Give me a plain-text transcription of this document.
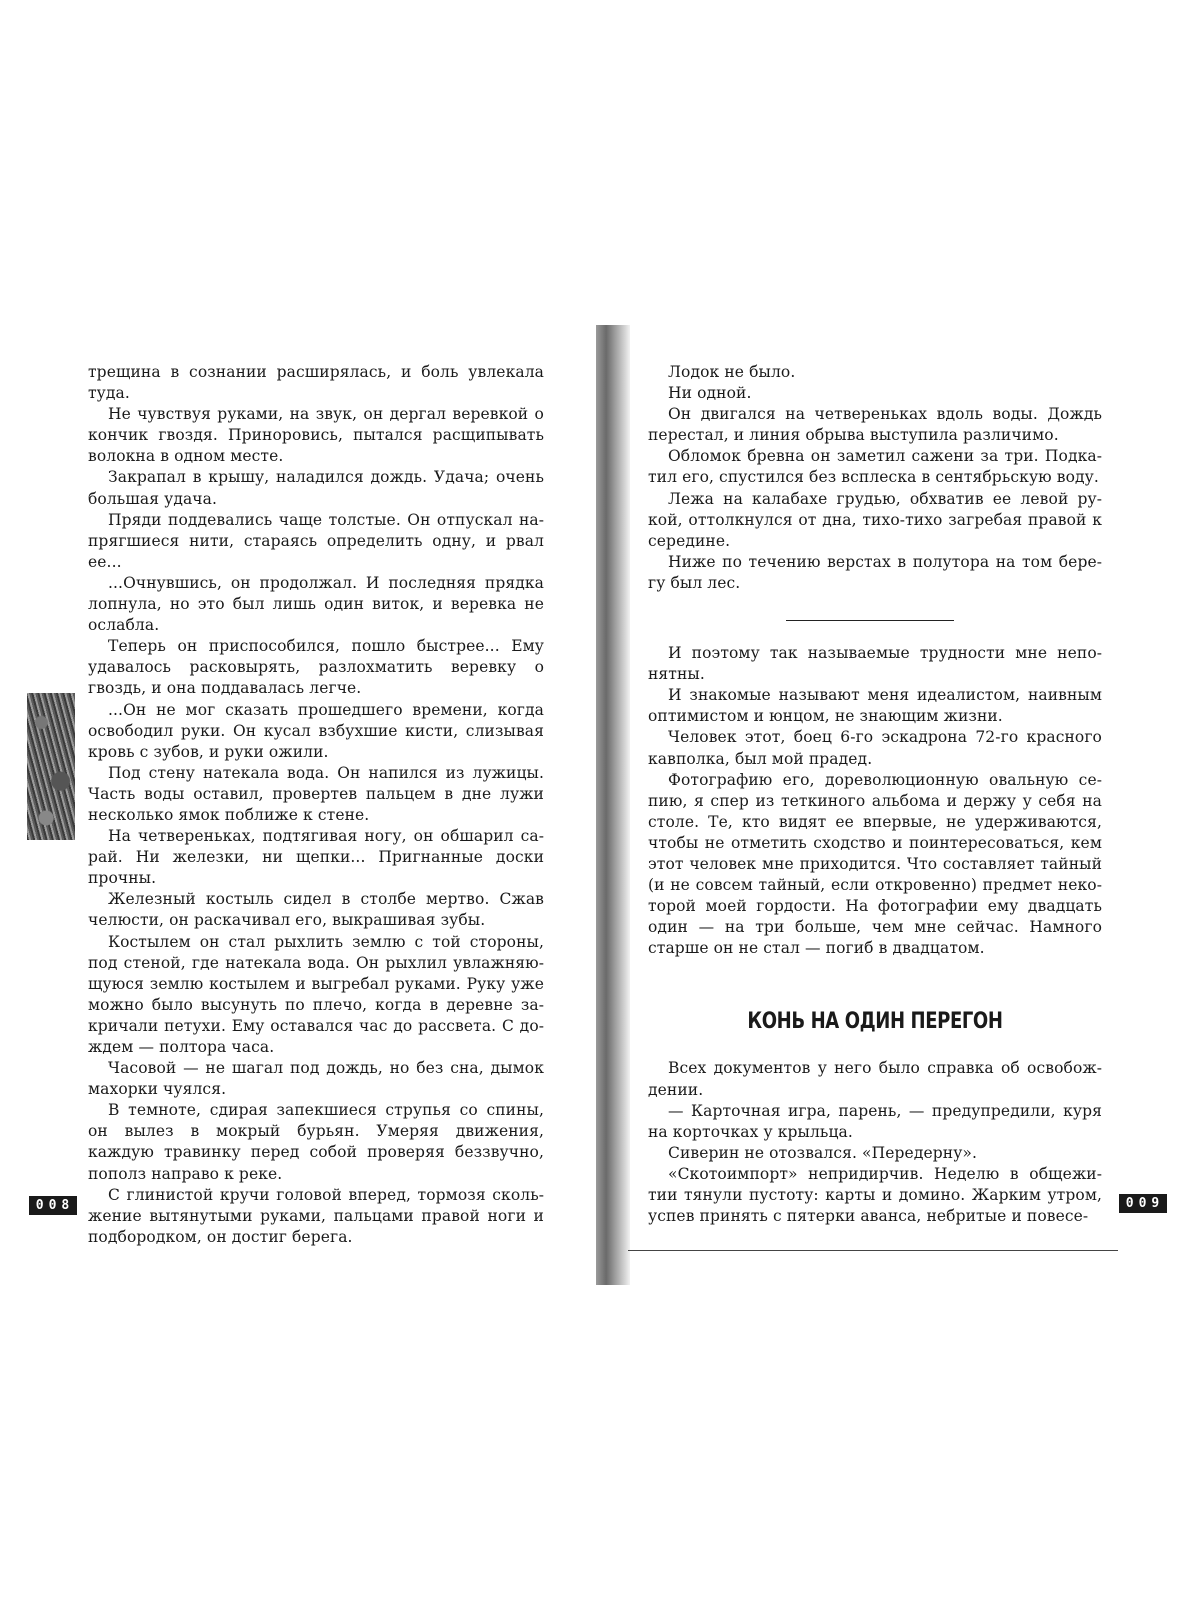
трещина в сознании расширялась, и боль увлекала туда.

Не чувствуя руками, на звук, он дергал веревкой о кончик гвоздя. Приноровись, пытался расщипывать волокна в одном месте.

Закрапал в крышу, наладился дождь. Удача; очень большая удача.

Пряди поддевались чаще толстые. Он отпускал напрягшиеся нити, стараясь определить одну, и рвал ее...

...Очнувшись, он продолжал. И последняя прядка лопнула, но это был лишь один виток, и веревка не ослабла.

Теперь он приспособился, пошло быстрее... Ему удавалось расковырять, разлохматить веревку о гвоздь, и она поддавалась легче.

...Он не мог сказать прошедшего времени, когда освободил руки. Он кусал взбухшие кисти, слизывая кровь с зубов, и руки ожили.

Под стену натекала вода. Он напился из лужицы. Часть воды оставил, провертев пальцем в дне лужи несколько ямок поближе к стене.

На четвереньках, подтягивая ногу, он обшарил сарай. Ни железки, ни щепки... Пригнанные доски прочны.

Железный костыль сидел в столбе мертво. Сжав челюсти, он раскачивал его, выкрашивая зубы.

Костылем он стал рыхлить землю с той стороны, под стеной, где натекала вода. Он рыхлил увлажняющуюся землю костылем и выгребал руками. Руку уже можно было высунуть по плечо, когда в деревне закричали петухи. Ему оставался час до рассвета. С дождем — полтора часа.

Часовой — не шагал под дождь, но без сна, дымок махорки чуялся.

В темноте, сдирая запекшиеся струпья со спины, он вылез в мокрый бурьян. Умеряя движения, каждую травинку перед собой проверяя беззвучно, пополз направо к реке.

С глинистой кручи головой вперед, тормозя скольжение вытянутыми руками, пальцами правой ноги и подбородком, он достиг берега.

008

Лодок не было.

Ни одной.

Он двигался на четвереньках вдоль воды. Дождь перестал, и линия обрыва выступила различимо.

Обломок бревна он заметил сажени за три. Подкатил его, спустился без всплеска в сентябрьскую воду.

Лежа на калабахе грудью, обхватив ее левой рукой, оттолкнулся от дна, тихо-тихо загребая правой к середине.

Ниже по течению верстах в полутора на том берегу был лес.

И поэтому так называемые трудности мне непонятны.

И знакомые называют меня идеалистом, наивным оптимистом и юнцом, не знающим жизни.

Человек этот, боец 6-го эскадрона 72-го красного кавполка, был мой прадед.

Фотографию его, дореволюционную овальную сепию, я спер из теткиного альбома и держу у себя на столе. Те, кто видят ее впервые, не удерживаются, чтобы не отметить сходство и поинтересоваться, кем этот человек мне приходится. Что составляет тайный (и не совсем тайный, если откровенно) предмет некоторой моей гордости. На фотографии ему двадцать один — на три больше, чем мне сейчас. Намного старше он не стал — погиб в двадцатом.

КОНЬ НА ОДИН ПЕРЕГОН

Всех документов у него было справка об освобождении.

— Карточная игра, парень, — предупредили, куря на корточках у крыльца.

Сиверин не отозвался. «Передерну».

«Скотоимпорт» непридирчив. Неделю в общежитии тянули пустоту: карты и домино. Жарким утром, успев принять с пятерки аванса, небритые и повесе-

009
